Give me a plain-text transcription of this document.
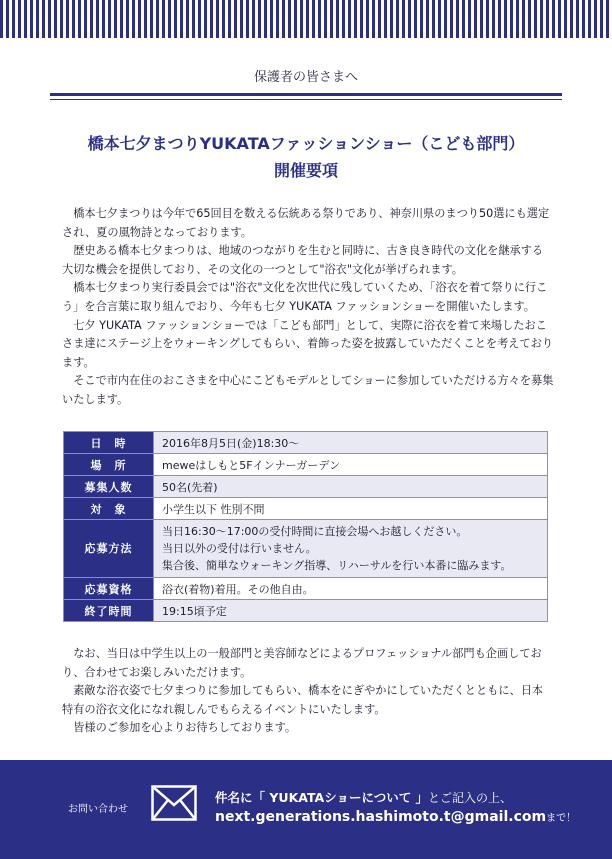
保護者の皆さまへ
橋本七夕まつりYUKATAファッションショー（こども部門）
開催要項

橋本七夕まつりは今年で65回目を数える伝統ある祭りであり、神奈川県のまつり50選にも選定され、夏の風物詩となっております。

歴史ある橋本七夕まつりは、地域のつながりを生むと同時に、古き良き時代の文化を継承する大切な機会を提供しており、その文化の一つとして"浴衣"文化が挙げられます。

橋本七夕まつり実行委員会では"浴衣"文化を次世代に残していくため、「浴衣を着て祭りに行こう」を合言葉に取り組んでおり、今年も七夕 YUKATA ファッションショーを開催いたします。

七夕 YUKATA ファッションショーでは「こども部門」として、実際に浴衣を着て来場したおこさま達にステージ上をウォーキングしてもらい、着飾った姿を披露していただくことを考えております。

そこで市内在住のおこさまを中心にこどもモデルとしてショーに参加していただける方々を募集いたします。

日　時	2016年8月5日(金)18:30～
場　所	meweはしもと5Fインナーガーデン
募集人数	50名(先着)
対　象	小学生以下 性別不問
応募方法	当日16:30～17:00の受付時間に直接会場へお越しください。
当日以外の受付は行いません。
集合後、簡単なウォーキング指導、リハーサルを行い本番に臨みます。

応募資格	浴衣(着物)着用。その他自由。
終了時間	19:15頃予定

なお、当日は中学生以上の一般部門と美容師などによるプロフェッショナル部門も企画しており、合わせてお楽しみいただけます。

素敵な浴衣姿で七夕まつりに参加してもらい、橋本をにぎやかにしていただくとともに、日本特有の浴衣文化になれ親しんでもらえるイベントにいたします。

皆様のご参加を心よりお待ちしております。

お問い合わせ
件名に「 YUKATAショーについて 」とご記入の上、
next.generations.hashimoto.t@gmail.comまで！
